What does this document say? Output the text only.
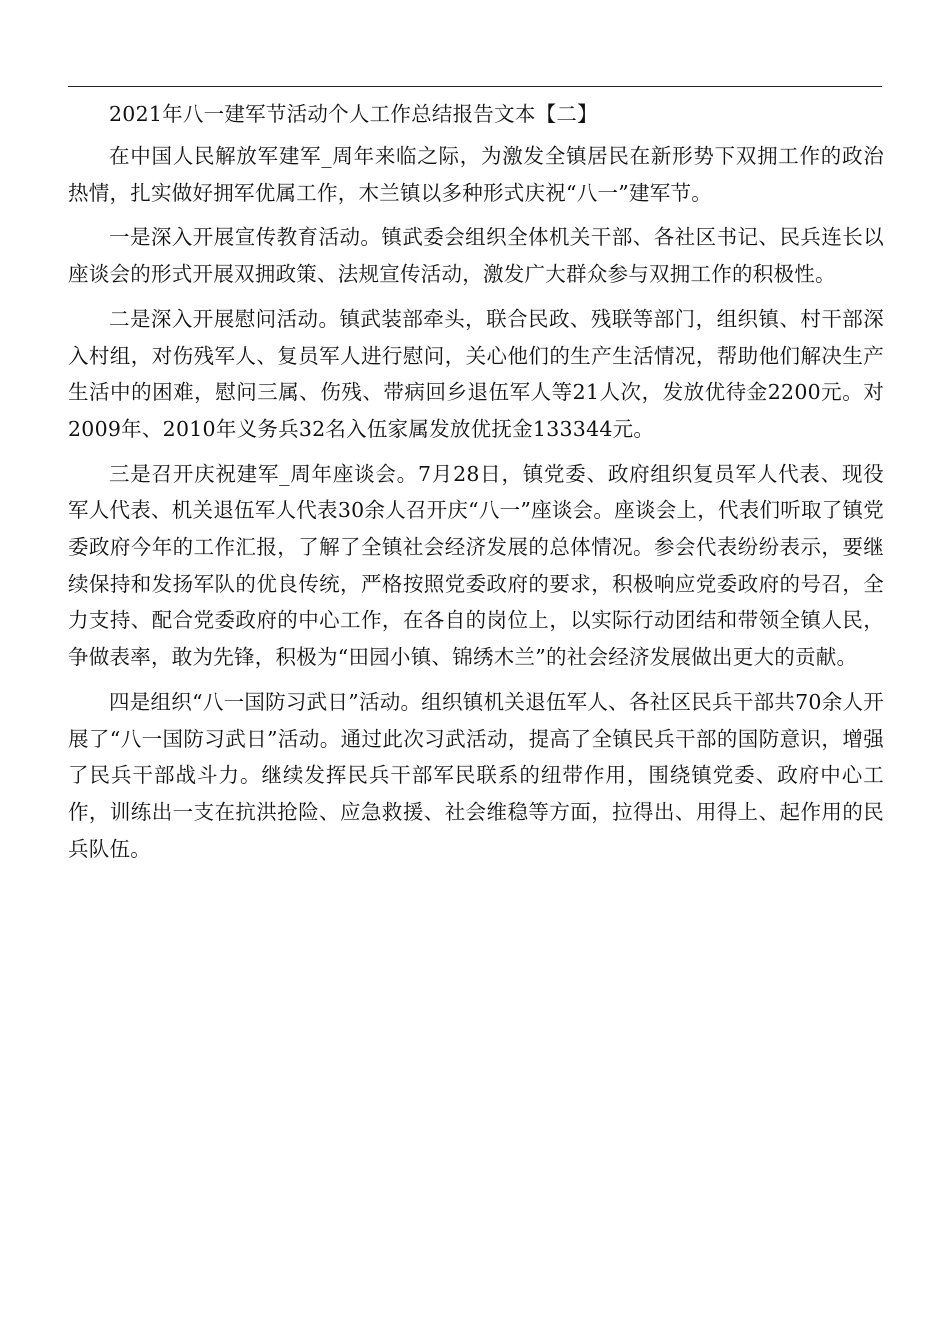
2021年八一建军节活动个人工作总结报告文本【二】

在中国人民解放军建军_周年来临之际，为激发全镇居民在新形势下双拥工作的政治热情，扎实做好拥军优属工作，木兰镇以多种形式庆祝“八一”建军节。

一是深入开展宣传教育活动。镇武委会组织全体机关干部、各社区书记、民兵连长以座谈会的形式开展双拥政策、法规宣传活动，激发广大群众参与双拥工作的积极性。

二是深入开展慰问活动。镇武装部牵头，联合民政、残联等部门，组织镇、村干部深入村组，对伤残军人、复员军人进行慰问，关心他们的生产生活情况，帮助他们解决生产生活中的困难，慰问三属、伤残、带病回乡退伍军人等21人次，发放优待金2200元。对2009年、2010年义务兵32名入伍家属发放优抚金133344元。

三是召开庆祝建军_周年座谈会。7月28日，镇党委、政府组织复员军人代表、现役军人代表、机关退伍军人代表30余人召开庆“八一”座谈会。座谈会上，代表们听取了镇党委政府今年的工作汇报，了解了全镇社会经济发展的总体情况。参会代表纷纷表示，要继续保持和发扬军队的优良传统，严格按照党委政府的要求，积极响应党委政府的号召，全力支持、配合党委政府的中心工作，在各自的岗位上，以实际行动团结和带领全镇人民，争做表率，敢为先锋，积极为“田园小镇、锦绣木兰”的社会经济发展做出更大的贡献。

四是组织“八一国防习武日”活动。组织镇机关退伍军人、各社区民兵干部共70余人开展了“八一国防习武日”活动。通过此次习武活动，提高了全镇民兵干部的国防意识，增强了民兵干部战斗力。继续发挥民兵干部军民联系的纽带作用，围绕镇党委、政府中心工作，训练出一支在抗洪抢险、应急救援、社会维稳等方面，拉得出、用得上、起作用的民兵队伍。
